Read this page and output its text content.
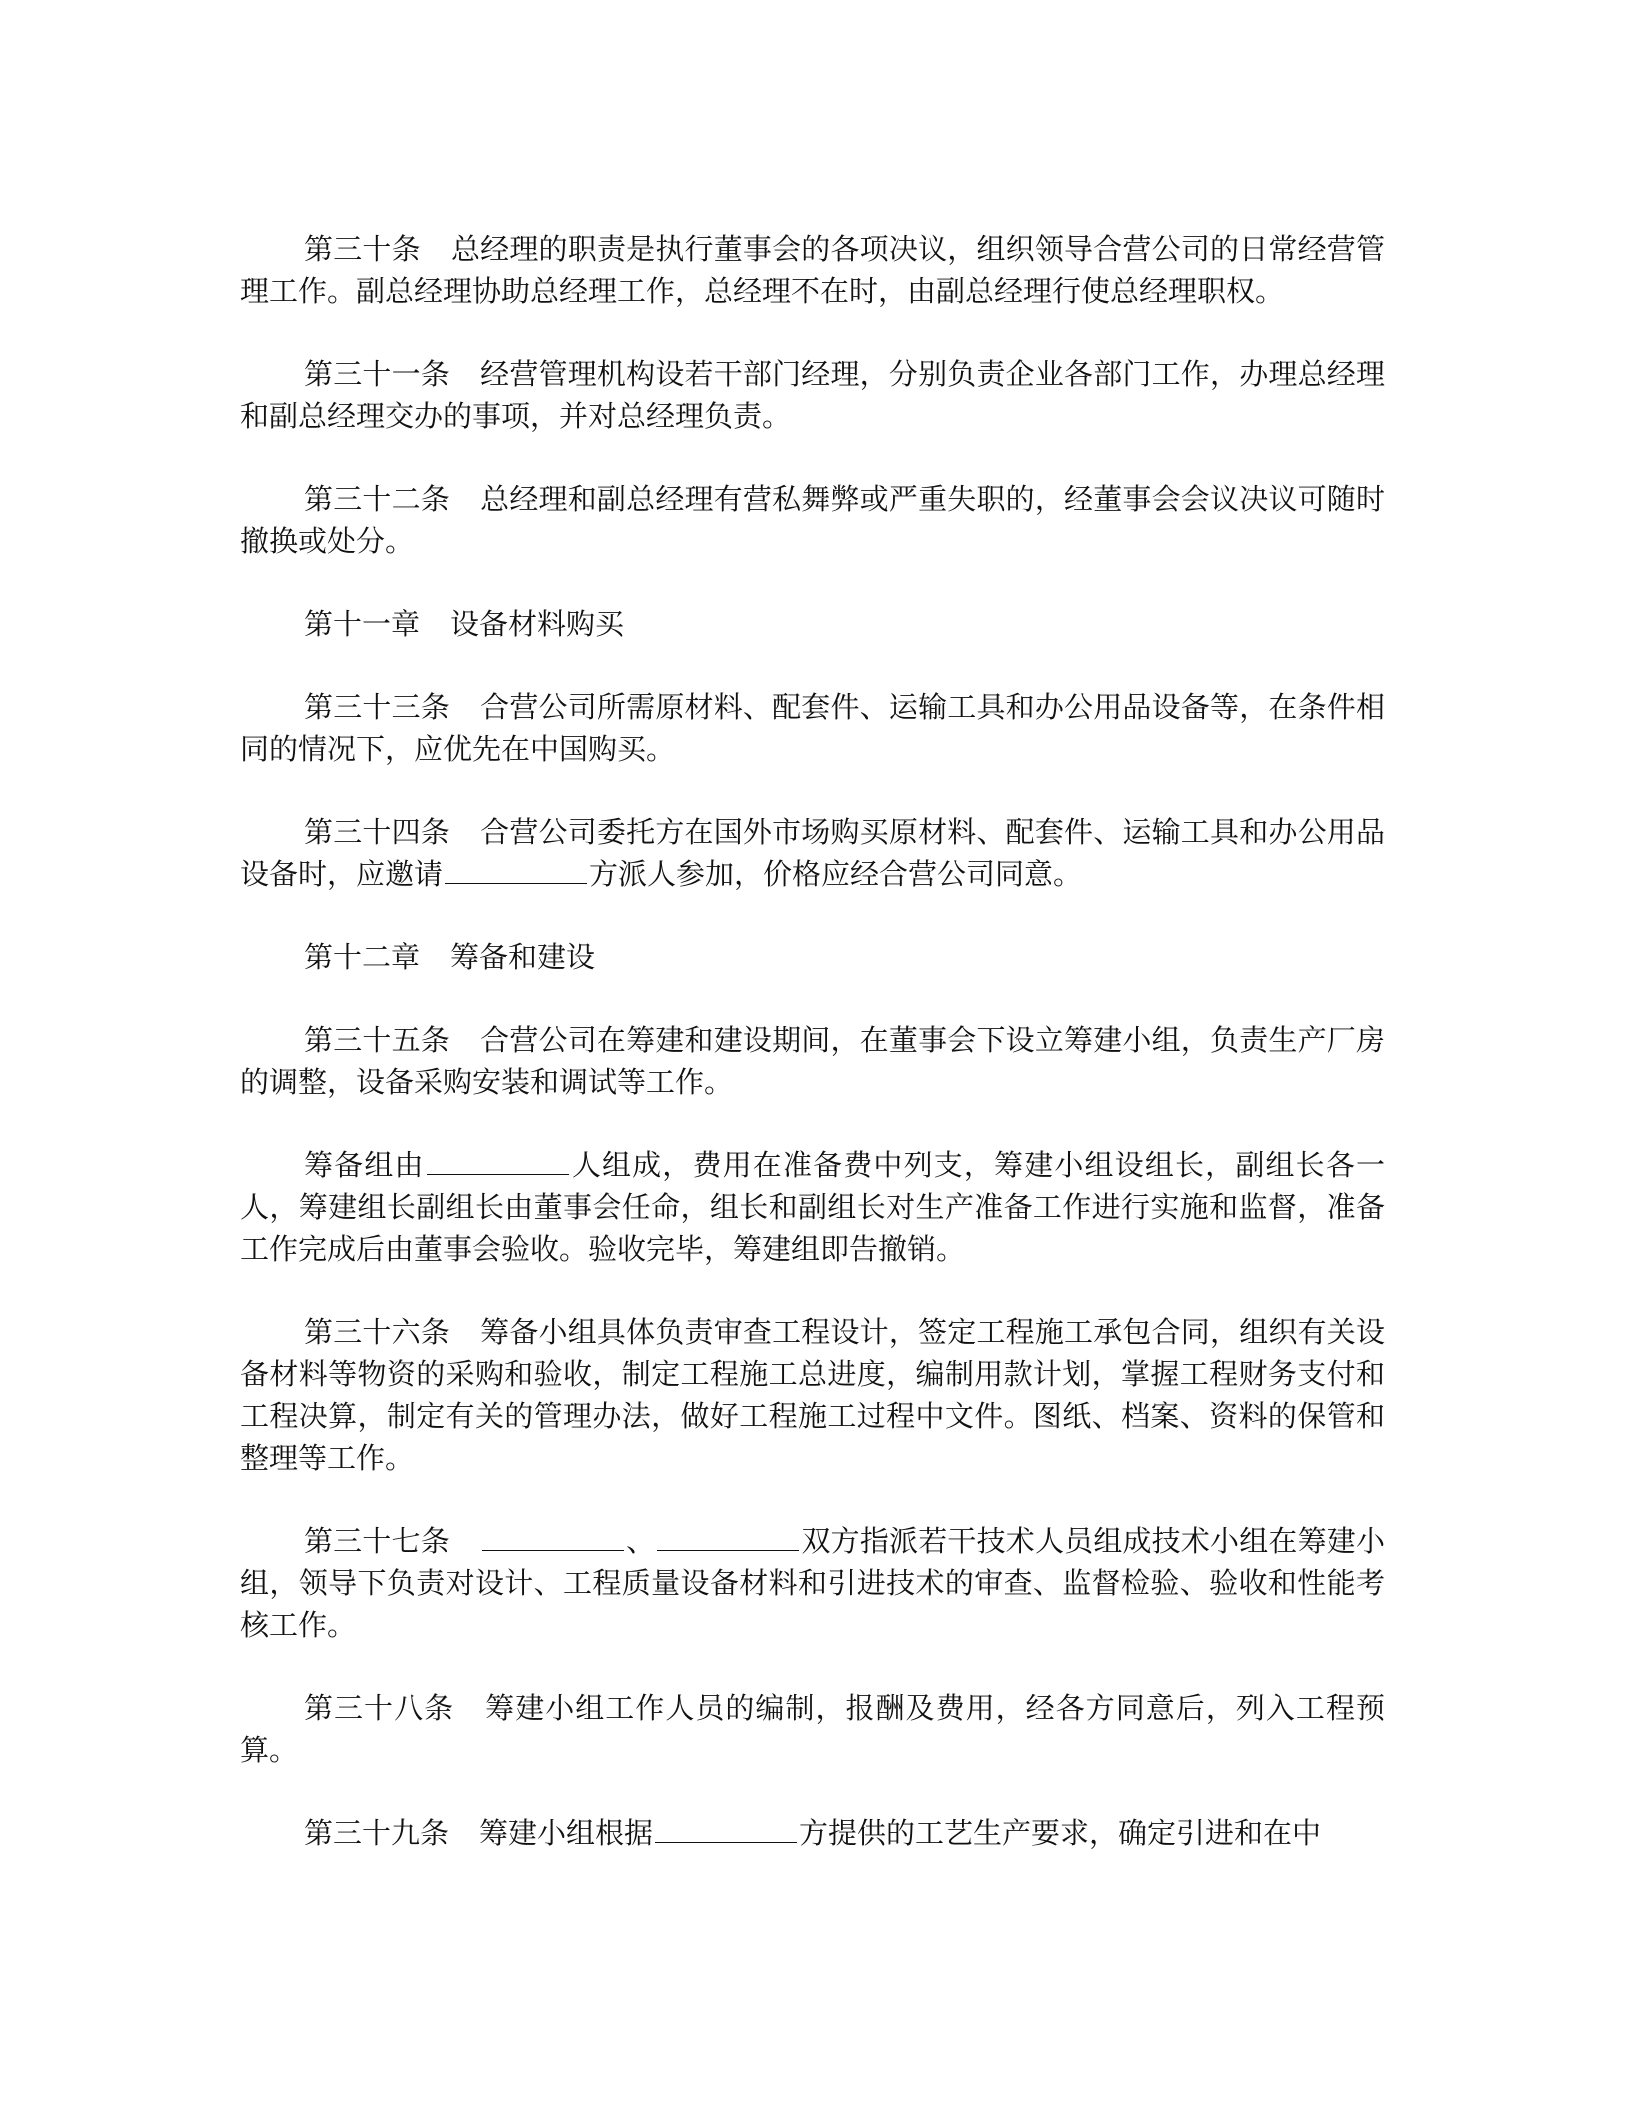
第三十条 总经理的职责是执行董事会的各项决议，组织领导合营公司的日常经营管理工作。副总经理协助总经理工作，总经理不在时，由副总经理行使总经理职权。

第三十一条 经营管理机构设若干部门经理，分别负责企业各部门工作，办理总经理和副总经理交办的事项，并对总经理负责。

第三十二条 总经理和副总经理有营私舞弊或严重失职的，经董事会会议决议可随时撤换或处分。

第十一章 设备材料购买

第三十三条 合营公司所需原材料、配套件、运输工具和办公用品设备等，在条件相同的情况下，应优先在中国购买。

第三十四条 合营公司委托方在国外市场购买原材料、配套件、运输工具和办公用品设备时，应邀请	方派人参加，价格应经合营公司同意。

第十二章 筹备和建设

第三十五条 合营公司在筹建和建设期间，在董事会下设立筹建小组，负责生产厂房的调整，设备采购安装和调试等工作。

筹备组由	人组成，费用在准备费中列支，筹建小组设组长，副组长各一人，筹建组长副组长由董事会任命，组长和副组长对生产准备工作进行实施和监督，准备工作完成后由董事会验收。验收完毕，筹建组即告撤销。

第三十六条 筹备小组具体负责审查工程设计，签定工程施工承包合同，组织有关设备材料等物资的采购和验收，制定工程施工总进度，编制用款计划，掌握工程财务支付和工程决算，制定有关的管理办法，做好工程施工过程中文件。图纸、档案、资料的保管和整理等工作。

第三十七条	、	双方指派若干技术人员组成技术小组在筹建小组，领导下负责对设计、工程质量设备材料和引进技术的审查、监督检验、验收和性能考核工作。

第三十八条 筹建小组工作人员的编制，报酬及费用，经各方同意后，列入工程预算。

第三十九条 筹建小组根据	方提供的工艺生产要求，确定引进和在中
